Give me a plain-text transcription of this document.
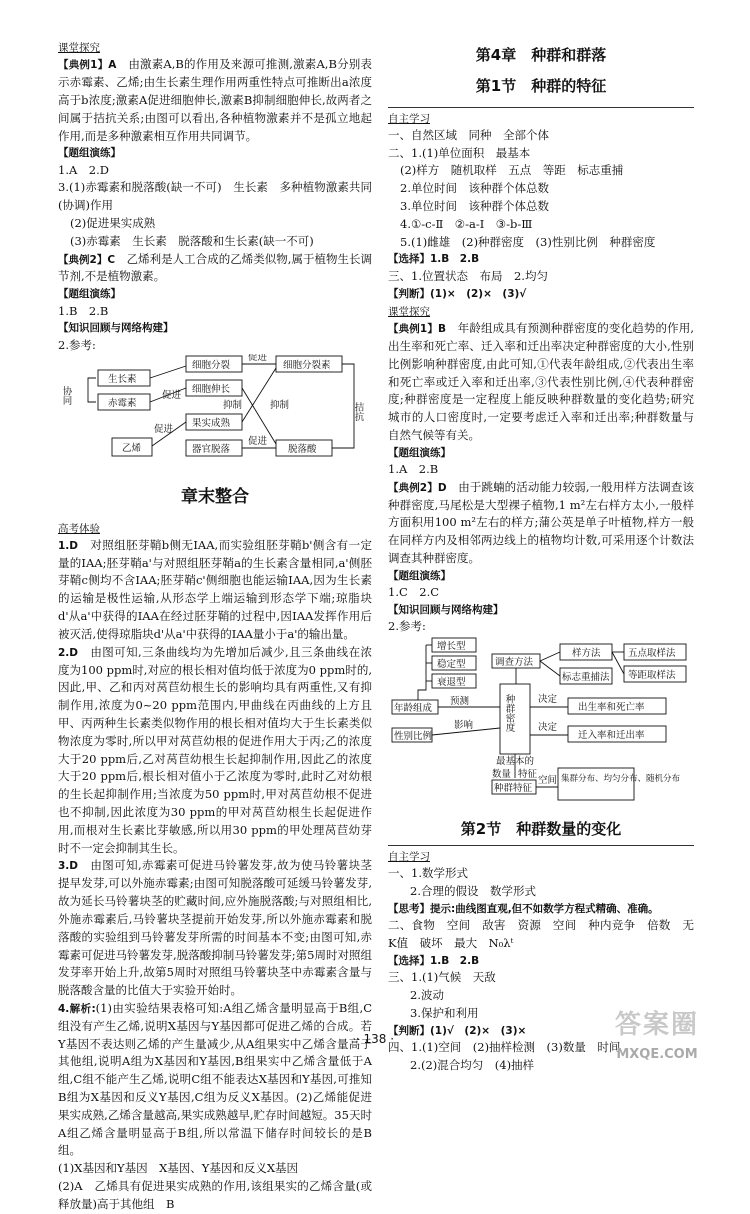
课堂探究

【典例1】A　 由激素A,B的作用及来源可推测,激素A,B分别表示赤霉素、乙烯;由生长素生理作用两重性特点可推断出a浓度高于b浓度;激素A促进细胞伸长,激素B抑制细胞伸长,故两者之间属于拮抗关系;由图可以看出,各种植物激素并不是孤立地起作用,而是多种激素相互作用共同调节。

【题组演练】

1.A　2.D

3.(1)赤霉素和脱落酸(缺一不可)　生长素　多种植物激素共同(协调)作用

(2)促进果实成熟

(3)赤霉素　生长素　脱落酸和生长素(缺一不可)

【典例2】C　 乙烯利是人工合成的乙烯类似物,属于植物生长调节剂,不是植物激素。

【题组演练】

1.B　2.B

【知识回顾与网络构建】

2.参考:

协同
生长素
赤霉素
乙烯
细胞分裂
细胞伸长
果实成熟
器官脱落
细胞分裂素
脱落酸
促进
促进
促进
促进
抑制	抑制	拮抗
章末整合
高考体验

1.D　 对照组胚芽鞘b侧无IAA,而实验组胚芽鞘b'侧含有一定量的IAA;胚芽鞘a'与对照组胚芽鞘a的生长素含量相同,a'侧胚芽鞘c侧均不含IAA;胚芽鞘c'侧细胞也能运输IAA,因为生长素的运输是极性运输,从形态学上端运输到形态学下端;琼脂块d'从a'中获得的IAA在经过胚芽鞘的过程中,因IAA发挥作用后被灭活,使得琼脂块d'从a'中获得的IAA量小于a'的输出量。

2.D　 由图可知,三条曲线均为先增加后减少,且三条曲线在浓度为100 ppm时,对应的根长相对值均低于浓度为0 ppm时的,因此,甲、乙和丙对莴苣幼根生长的影响均具有两重性,又有抑制作用,浓度为0~20 ppm范围内,甲曲线在丙曲线的上方且甲、丙两种生长素类似物作用的根长相对值均大于生长素类似物浓度为零时,所以甲对莴苣幼根的促进作用大于丙;乙的浓度大于20 ppm后,乙对莴苣幼根生长起抑制作用,因此乙的浓度大于20 ppm后,根长相对值小于乙浓度为零时,此时乙对幼根的生长起抑制作用;当浓度为50 ppm时,甲对莴苣幼根不促进也不抑制,因此浓度为30 ppm的甲对莴苣幼根生长起促进作用,而根对生长素比芽敏感,所以用30 ppm的甲处理莴苣幼芽时不一定会抑制其生长。

3.D　 由图可知,赤霉素可促进马铃薯发芽,故为使马铃薯块茎提早发芽,可以外施赤霉素;由图可知脱落酸可延缓马铃薯发芽,故为延长马铃薯块茎的贮藏时间,应外施脱落酸;与对照组相比,外施赤霉素后,马铃薯块茎提前开始发芽,所以外施赤霉素和脱落酸的实验组到马铃薯发芽所需的时间基本不变;由图可知,赤霉素可促进马铃薯发芽,脱落酸抑制马铃薯发芽;第5周时对照组发芽率开始上升,故第5周时对照组马铃薯块茎中赤霉素含量与脱落酸含量的比值大于实验开始时。

4.解析:(1)由实验结果表格可知:A组乙烯含量明显高于B组,C组没有产生乙烯,说明X基因与Y基因都可促进乙烯的合成。若Y基因不表达则乙烯的产生量减少,从A组果实中乙烯含量高于其他组,说明A组为X基因和Y基因,B组果实中乙烯含量低于A组,C组不能产生乙烯,说明C组不能表达X基因和Y基因,可推知B组为X基因和反义Y基因,C组为反义X基因。(2)乙烯能促进果实成熟,乙烯含量越高,果实成熟越早,贮存时间越短。35天时A组乙烯含量明显高于B组,所以常温下储存时间较长的是B组。

(1)X基因和Y基因　X基因、Y基因和反义X基因

(2)A　乙烯具有促进果实成熟的作用,该组果实的乙烯含量(或释放量)高于其他组　B

第4章　种群和群落
第1节　种群的特征
自主学习

一、自然区域　同种　全部个体

二、1.(1)单位面积　最基本

(2)样方　随机取样　五点　等距　标志重捕

2.单位时间　该种群个体总数

3.单位时间　该种群个体总数

4.①-c-Ⅱ　②-a-Ⅰ　③-b-Ⅲ

5.(1)雌雄　(2)种群密度　(3)性别比例　种群密度

【选择】1.B　2.B

三、1.位置状态　布局　2.均匀

【判断】(1)×　(2)×　(3)√

课堂探究

【典例1】B　 年龄组成具有预测种群密度的变化趋势的作用,出生率和死亡率、迁入率和迁出率决定种群密度的大小,性别比例影响种群密度,由此可知,①代表年龄组成,②代表出生率和死亡率或迁入率和迁出率,③代表性别比例,④代表种群密度;种群密度是一定程度上能反映种群数量的变化趋势;研究城市的人口密度时,一定要考虑迁入率和迁出率;种群数量与自然气候等有关。

【题组演练】

1.A　2.B

【典例2】D　 由于跳蝻的活动能力较弱,一般用样方法调查该种群密度,马尾松是大型裸子植物,1 m²左右样方太小,一般样方面积用100 m²左右的样方;蒲公英是单子叶植物,样方一般在同样方内及相邻两边线上的植物均计数,可采用逐个计数法调查其种群密度。

【题组演练】

1.C　2.C

【知识回顾与网络构建】

2.参考:

增长型
稳定型
衰退型
调查方法
样方法
标志重捕法
五点取样法
等距取样法
年龄组成
预测	种群密度 决定
出生率和死亡率
性别比例
影响	决定
迁入率和迁出率
最基本的
数量 特征
种群特征
空间 集群分布、均匀分布、随机分布
第2节　种群数量的变化
自主学习

一、1.数学形式

2.合理的假设　数学形式

【思考】提示:曲线图直观,但不如数学方程式精确、准确。

二、食物　空间　敌害　资源　空间　种内竞争　倍数　无K值　破坏　最大　N₀λᵗ

【选择】1.B　2.B

三、1.(1)气候　天敌

2.波动

3.保护和利用

【判断】(1)√　(2)×　(3)×

四、1.(1)空间　(2)抽样检测　(3)数量　时间

2.(2)混合均匀　(4)抽样

· 138 ·	答案圈
MXQE.COM
